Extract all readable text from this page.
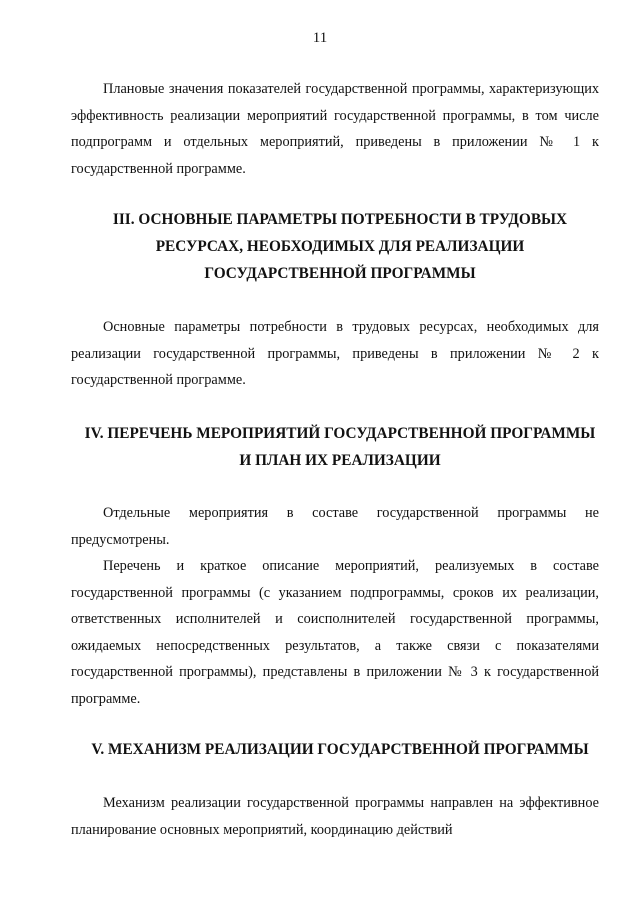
11
Плановые значения показателей государственной программы, характеризующих эффективность реализации мероприятий государственной программы, в том числе подпрограмм и отдельных мероприятий, приведены в приложении № 1 к государственной программе.
III. ОСНОВНЫЕ ПАРАМЕТРЫ ПОТРЕБНОСТИ В ТРУДОВЫХ
РЕСУРСАХ, НЕОБХОДИМЫХ ДЛЯ РЕАЛИЗАЦИИ
ГОСУДАРСТВЕННОЙ ПРОГРАММЫ
Основные параметры потребности в трудовых ресурсах, необходимых для реализации государственной программы, приведены в приложении № 2 к государственной программе.
IV. ПЕРЕЧЕНЬ МЕРОПРИЯТИЙ ГОСУДАРСТВЕННОЙ ПРОГРАММЫ
И ПЛАН ИХ РЕАЛИЗАЦИИ
Отдельные мероприятия в составе государственной программы не предусмотрены.
Перечень и краткое описание мероприятий, реализуемых в составе государственной программы (с указанием подпрограммы, сроков их реализации, ответственных исполнителей и соисполнителей государственной программы, ожидаемых непосредственных результатов, а также связи с показателями государственной программы), представлены в приложении № 3 к государственной программе.
V. МЕХАНИЗМ РЕАЛИЗАЦИИ ГОСУДАРСТВЕННОЙ ПРОГРАММЫ
Механизм реализации государственной программы направлен на эффективное планирование основных мероприятий, координацию действий
